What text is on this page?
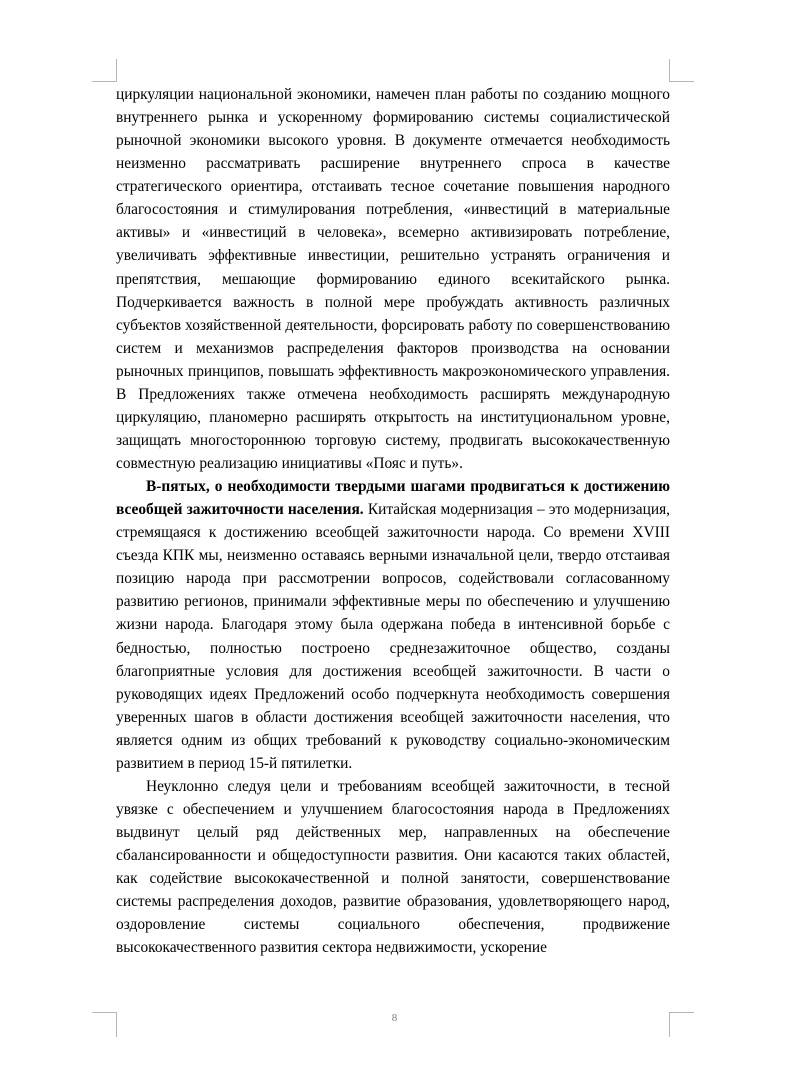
циркуляции национальной экономики, намечен план работы по созданию мощного внутреннего рынка и ускоренному формированию системы социалистической рыночной экономики высокого уровня. В документе отмечается необходимость неизменно рассматривать расширение внутреннего спроса в качестве стратегического ориентира, отстаивать тесное сочетание повышения народного благосостояния и стимулирования потребления, «инвестиций в материальные активы» и «инвестиций в человека», всемерно активизировать потребление, увеличивать эффективные инвестиции, решительно устранять ограничения и препятствия, мешающие формированию единого всекитайского рынка. Подчеркивается важность в полной мере пробуждать активность различных субъектов хозяйственной деятельности, форсировать работу по совершенствованию систем и механизмов распределения факторов производства на основании рыночных принципов, повышать эффективность макроэкономического управления. В Предложениях также отмечена необходимость расширять международную циркуляцию, планомерно расширять открытость на институциональном уровне, защищать многостороннюю торговую систему, продвигать высококачественную совместную реализацию инициативы «Пояс и путь».

В-пятых, о необходимости твердыми шагами продвигаться к достижению всеобщей зажиточности населения. Китайская модернизация – это модернизация, стремящаяся к достижению всеобщей зажиточности народа. Со времени XVIII съезда КПК мы, неизменно оставаясь верными изначальной цели, твердо отстаивая позицию народа при рассмотрении вопросов, содействовали согласованному развитию регионов, принимали эффективные меры по обеспечению и улучшению жизни народа. Благодаря этому была одержана победа в интенсивной борьбе с бедностью, полностью построено среднезажиточное общество, созданы благоприятные условия для достижения всеобщей зажиточности. В части о руководящих идеях Предложений особо подчеркнута необходимость совершения уверенных шагов в области достижения всеобщей зажиточности населения, что является одним из общих требований к руководству социально-экономическим развитием в период 15-й пятилетки.

Неуклонно следуя цели и требованиям всеобщей зажиточности, в тесной увязке с обеспечением и улучшением благосостояния народа в Предложениях выдвинут целый ряд действенных мер, направленных на обеспечение сбалансированности и общедоступности развития. Они касаются таких областей, как содействие высококачественной и полной занятости, совершенствование системы распределения доходов, развитие образования, удовлетворяющего народ, оздоровление системы социального обеспечения, продвижение высококачественного развития сектора недвижимости, ускорение

8
